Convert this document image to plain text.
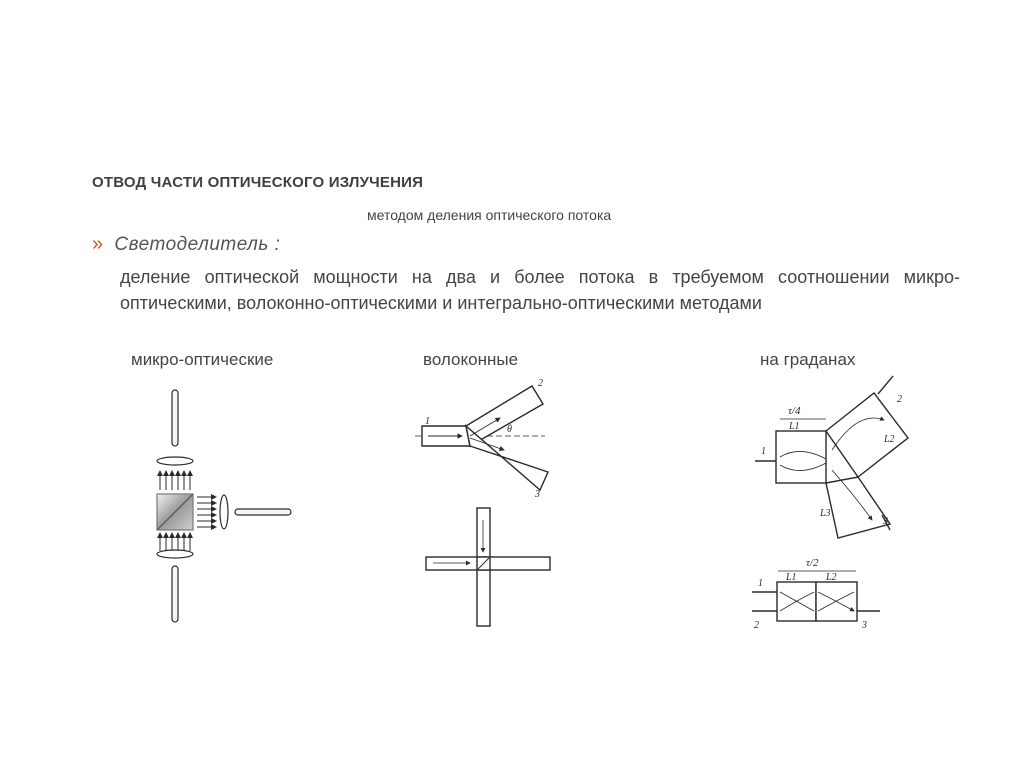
ОТВОД ЧАСТИ ОПТИЧЕСКОГО ИЗЛУЧЕНИЯ
методом деления оптического потока
» Светоделитель :
деление оптической мощности на два и более потока в требуемом соотношении микро-оптическими, волоконно-оптическими и интегрально-оптическими методами
микро-оптические	волоконные	на граданах
1
2
3
θ
τ/4
L1
L2
L3
1
2
3
τ/2
L1	L2
1
2	3
